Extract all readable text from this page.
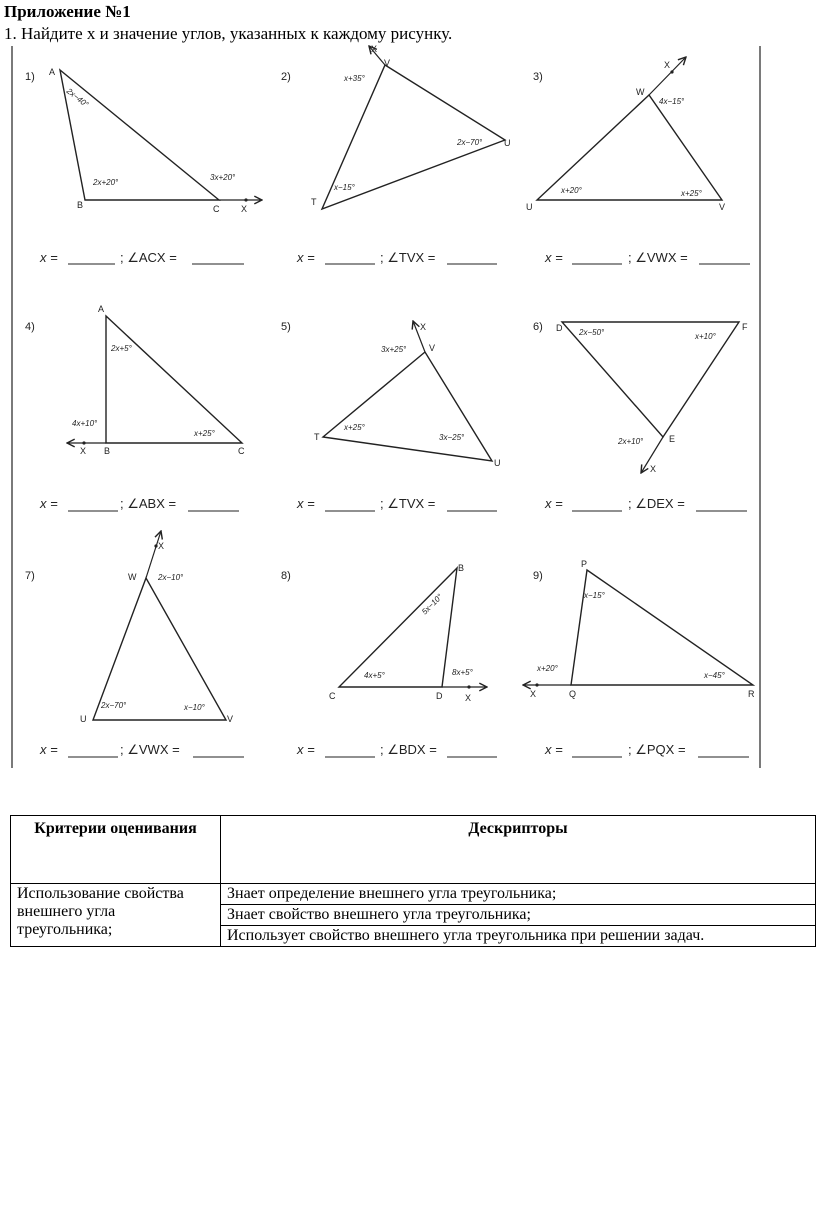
Приложение №1
1. Найдите х и значение углов, указанных к каждому рисунку.
1) A
B	C X
2x−40°
2x+20°
3x+20°
x =	; ∠ACX =
2)
X
V
U
T
x+35°
2x−70°
x−15°
x =	; ∠TVX =
3)
X
W
U	V
4x−15°
x+20°	x+25°
x =	; ∠VWX =
4)
A
X B	C
2x+5°
4x+10°
x+25°
x =	; ∠ABX =
5)	X
V
T
U
3x+25°
x+25°
3x−25°
x =	; ∠TVX =
6) D	F
E
X
2x−50°	x+10°
2x+10°
x =	; ∠DEX =
7)
X
W
U	V
2x−10°
2x−70°	x−10°
x =	; ∠VWX =
8)
B
C	D	X
5x−10°
4x+5°	8x+5°
x =	; ∠BDX =
9)
P
X	Q	R
x−15°
x+20°
x−45°
x =	; ∠PQX =
Критерии оценивания	Дескрипторы
Использование свойства внешнего угла треугольника;	Знает определение внешнего угла треугольника;
	Знает свойство внешнего угла треугольника;
	Использует свойство внешнего угла треугольника при решении задач.
